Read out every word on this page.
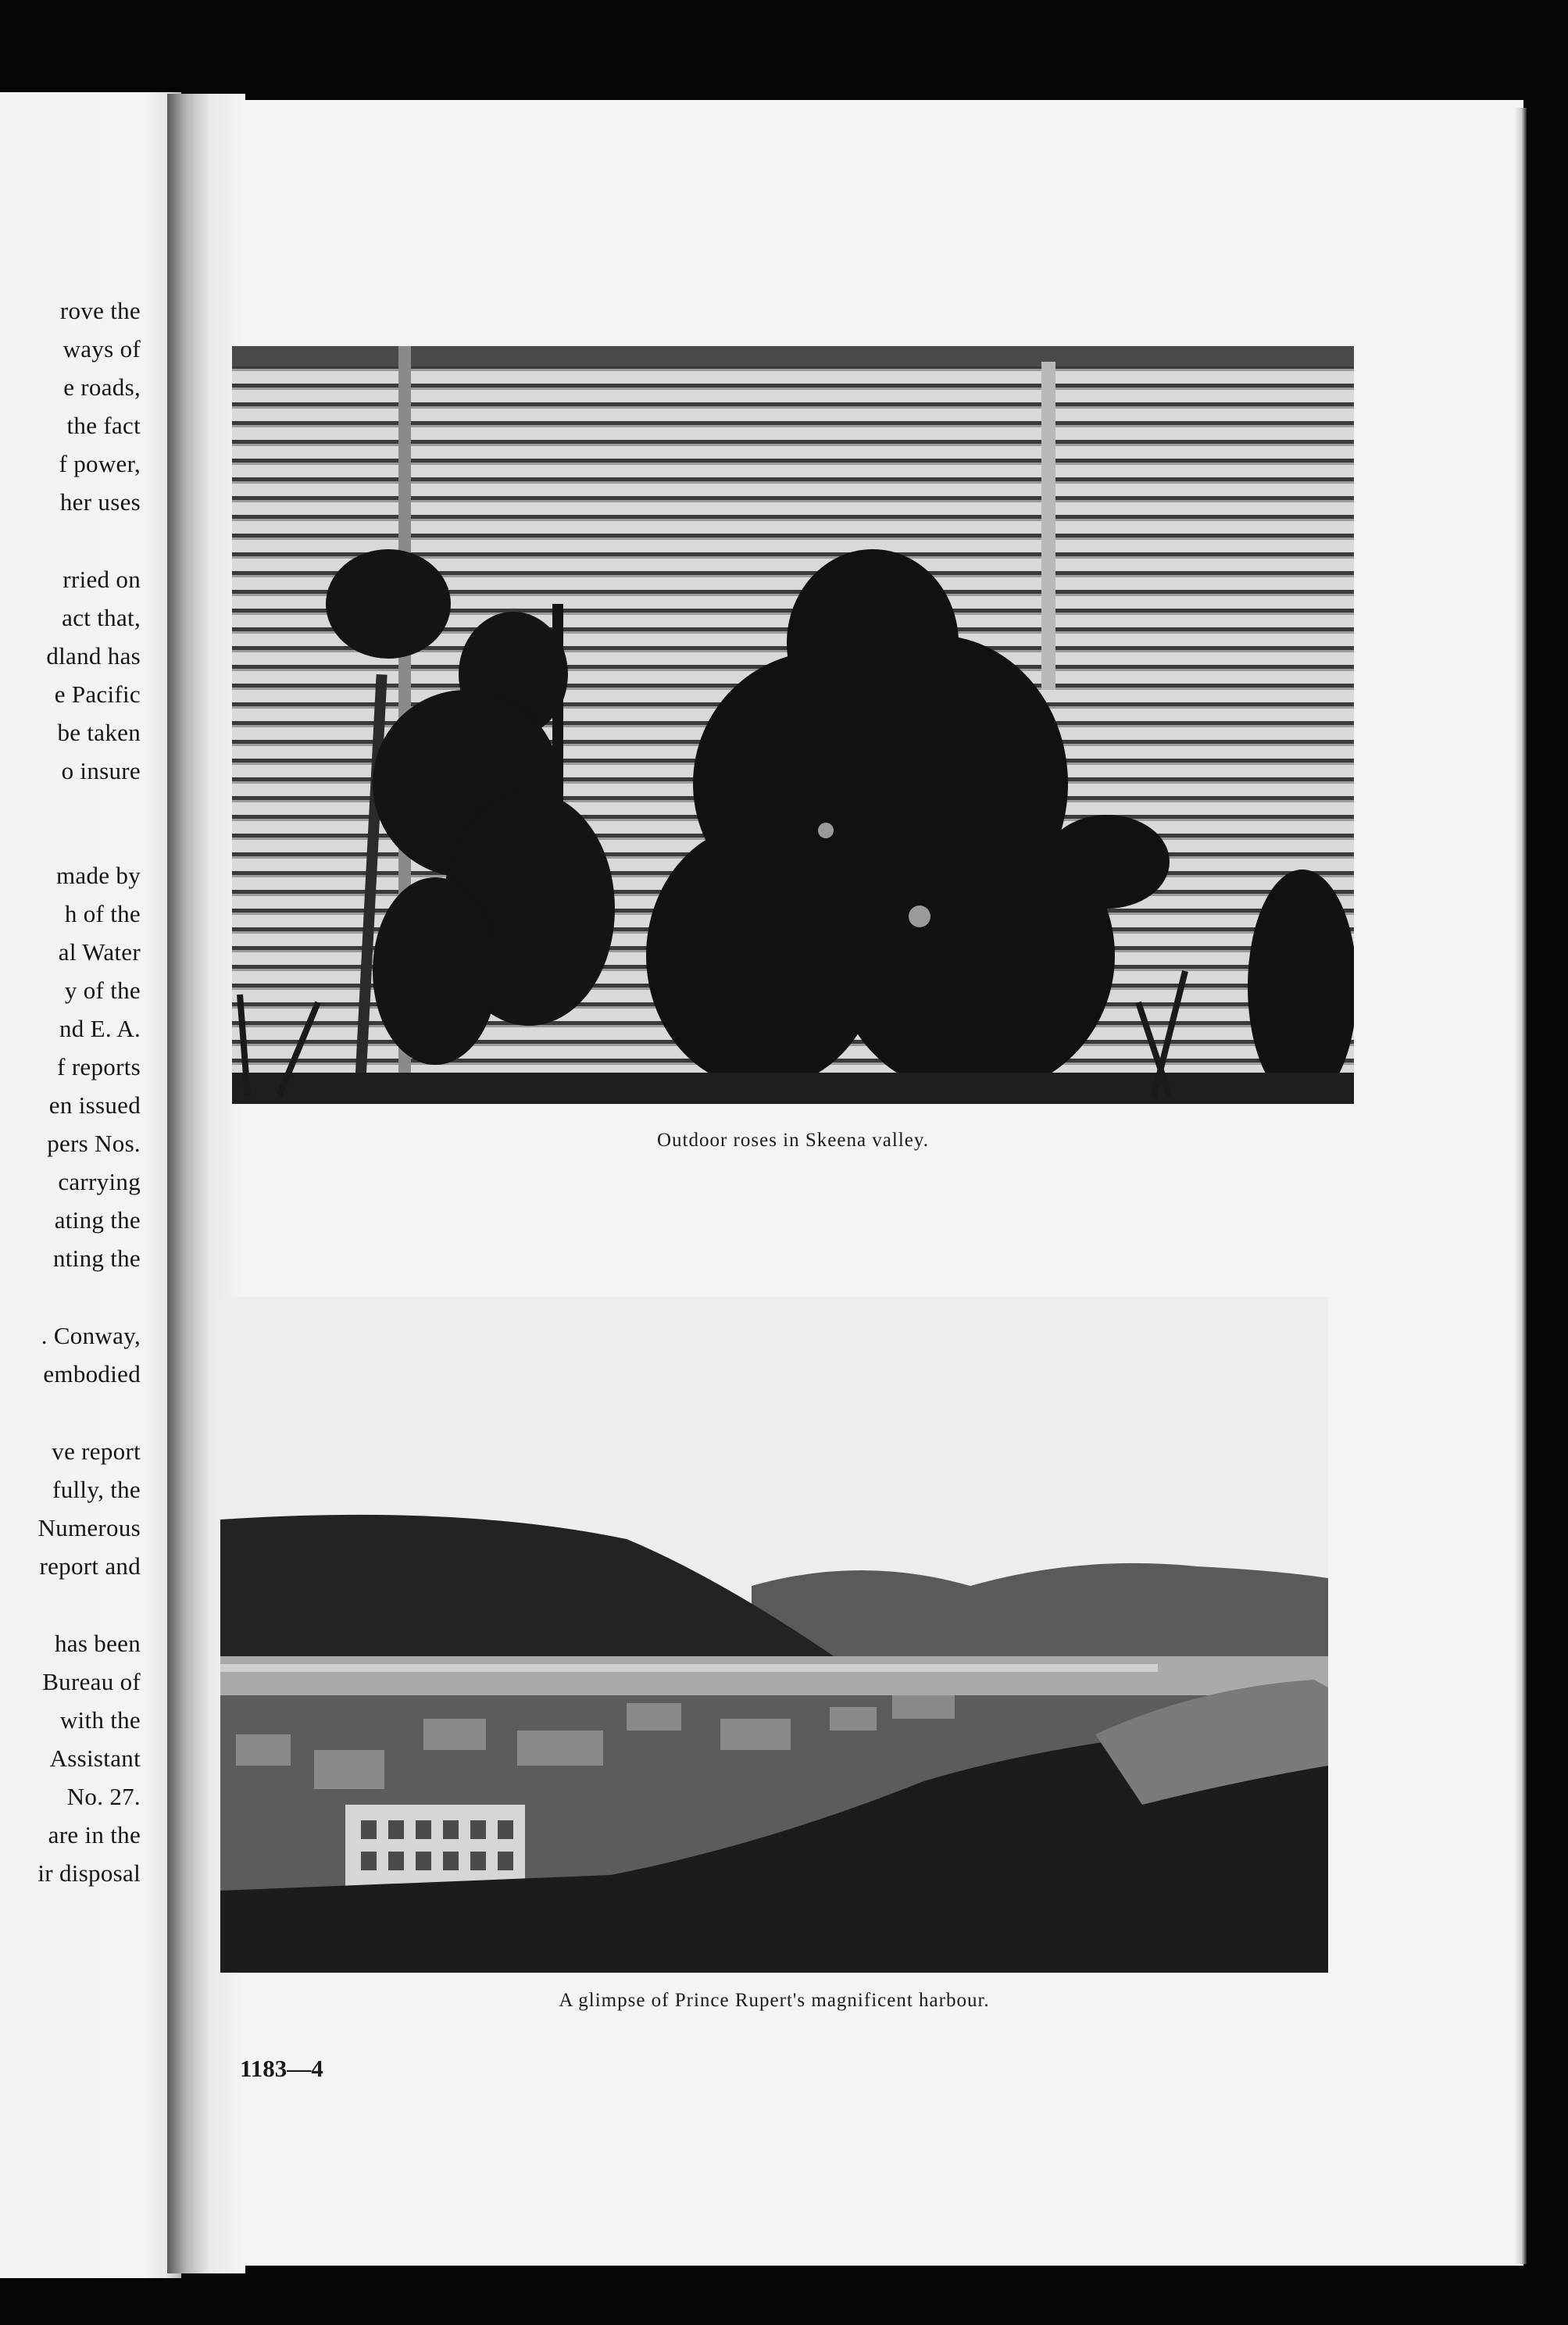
rove the
ways of
e roads,
the fact
f power,
her uses
rried on
act that,
dland has
e Pacific
be taken
o insure
made by
h of the
al Water
y of the
nd E. A.
f reports
en issued
pers Nos.
carrying
ating the
nting the
. Conway,
embodied
ve report
fully, the
Numerous
report and
has been
Bureau of
with the
Assistant
No. 27.
are in the
ir disposal
Outdoor roses in Skeena valley.
A glimpse of Prince Rupert's magnificent harbour.
1183—4
